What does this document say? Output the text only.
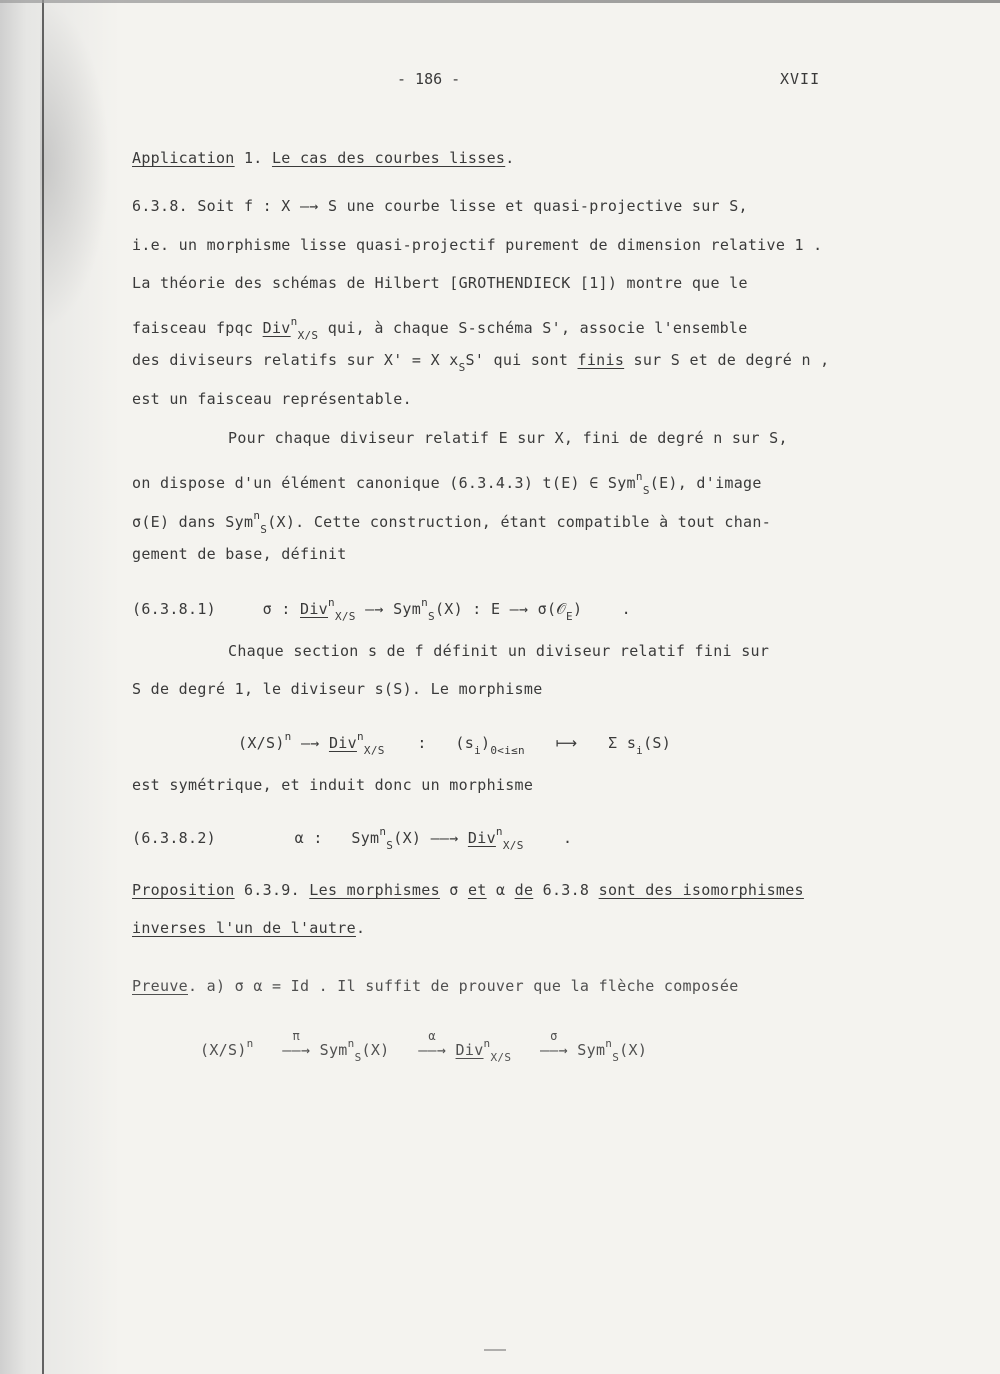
- 186 -	XVII
Application 1. Le cas des courbes lisses.
6.3.8. Soit f : X —→ S une courbe lisse et quasi-projective sur S,
i.e. un morphisme lisse quasi-projectif purement de dimension relative 1 .
La théorie des schémas de Hilbert [GROTHENDIECK [1]) montre que le
faisceau fpqc Div$^n_{X/S}$ qui, à chaque S-schéma S', associe l'ensemble
des diviseurs relatifs sur X' = X $x_SS'$ qui sont finis sur S et de degré n ,
est un faisceau représentable.
Pour chaque diviseur relatif E sur X, fini de degré n sur S,
on dispose d'un élément canonique (6.3.4.3) t(E) ∈ Sym$^n_S$(E), d'image
σ(E) dans Sym$^n_S$(X). Cette construction, étant compatible à tout chan-
gement de base, définit
(6.3.8.1)	σ : Div$^n_{X/S}$ —→ Sym$^n_S$(X) : E —→ σ(𝒪$_E$)	.
Chaque section s de f définit un diviseur relatif fini sur
S de degré 1, le diviseur s(S). Le morphisme
$(X/S)^n$ —→ Div$^n_{X/S}$ : $(s_i)_{0<i\le n}$ ⟼ Σ $s_i(S)$
est symétrique, et induit donc un morphisme
(6.3.8.2)	α : Sym$^n_S$(X) ——→ Div$^n_{X/S}$	.
Proposition 6.3.9. Les morphismes σ et α de 6.3.8 sont des isomorphismes
inverses l'un de l'autre.
Preuve. a) σ α = Id . Il suffit de prouver que la flèche composée
$(X/S)^n$
π
——→ Sym$^n_S$(X)
α
——→ Div$^n_{X/S}$
σ
——→ Sym$^n_S$(X)
